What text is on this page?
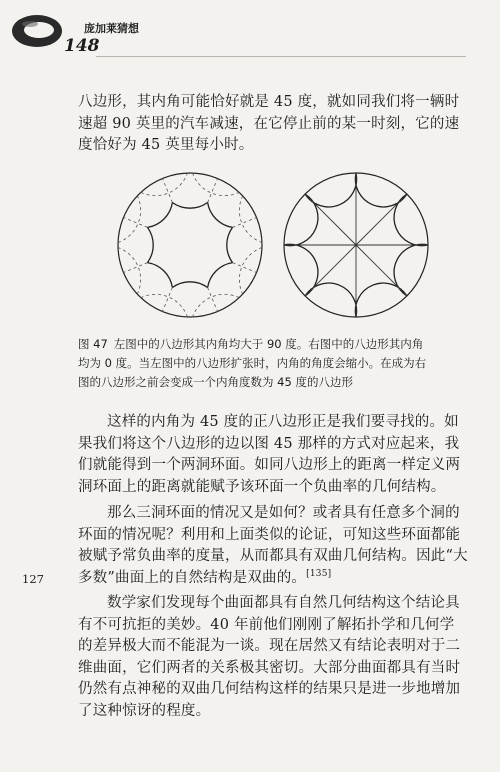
庞加莱猜想
148

八边形，其内角可能恰好就是 45 度，就如同我们将一辆时速超 90 英里的汽车减速，在它停止前的某一时刻，它的速度恰好为 45 英里每小时。

图 47 左图中的八边形其内角均大于 90 度。右图中的八边形其内角
均为 0 度。当左图中的八边形扩张时，内角的角度会缩小。在成为右
图的八边形之前会变成一个内角度数为 45 度的八边形

这样的内角为 45 度的正八边形正是我们要寻找的。如果我们将这个八边形的边以图 45 那样的方式对应起来，我们就能得到一个两洞环面。如同八边形上的距离一样定义两洞环面上的距离就能赋予该环面一个负曲率的几何结构。

那么三洞环面的情况又是如何？或者具有任意多个洞的环面的情况呢？利用和上面类似的论证，可知这些环面都能被赋予常负曲率的度量，从而都具有双曲几何结构。因此“大多数”曲面上的自然结构是双曲的。[135]

数学家们发现每个曲面都具有自然几何结构这个结论具有不可抗拒的美妙。40 年前他们刚刚了解拓扑学和几何学的差异极大而不能混为一谈。现在居然又有结论表明对于二维曲面，它们两者的关系极其密切。大部分曲面都具有当时仍然有点神秘的双曲几何结构这样的结果只是进一步地增加了这种惊讶的程度。

127
